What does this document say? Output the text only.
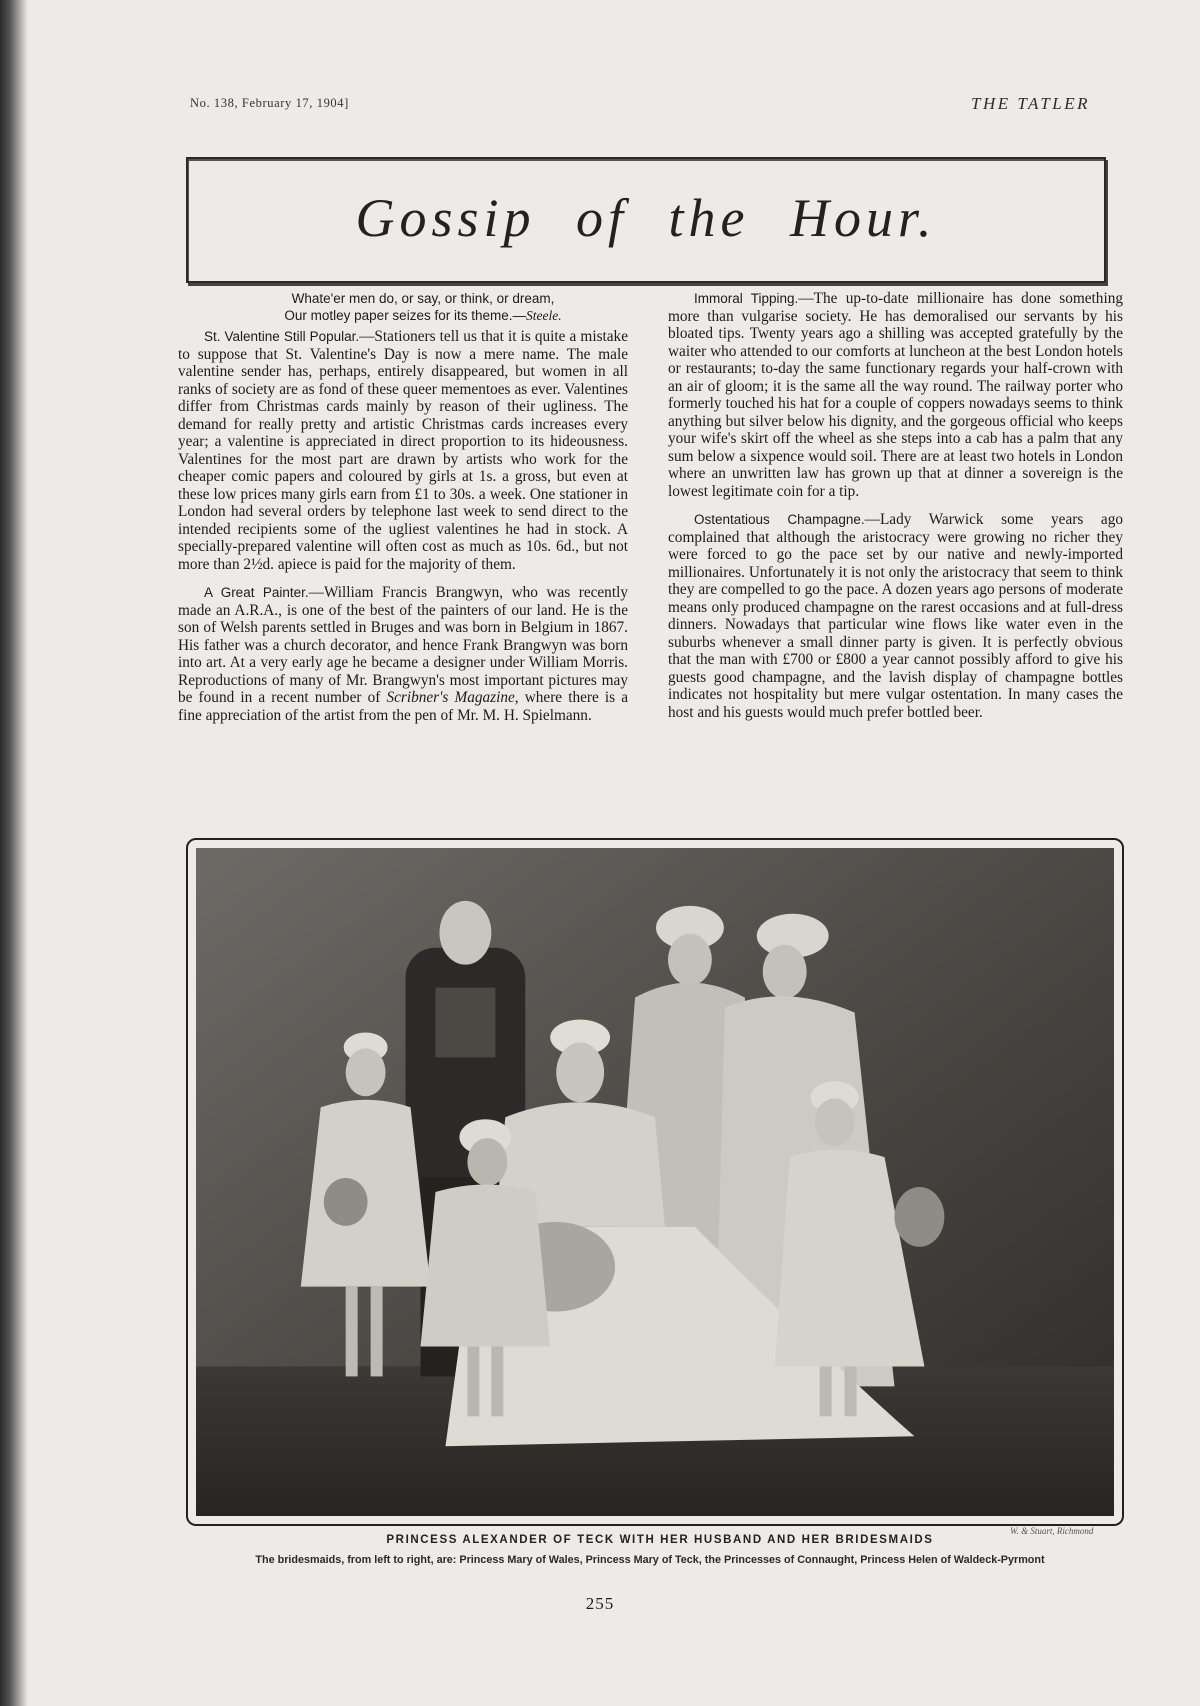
No. 138, February 17, 1904]	THE TATLER
Gossip of the Hour.
Whate'er men do, or say, or think, or dream,
Our motley paper seizes for its theme.—Steele.

St. Valentine Still Popular.—Stationers tell us that it is quite a mistake to suppose that St. Valentine's Day is now a mere name. The male valentine sender has, perhaps, entirely disappeared, but women in all ranks of society are as fond of these queer mementoes as ever. Valentines differ from Christmas cards mainly by reason of their ugliness. The demand for really pretty and artistic Christmas cards increases every year; a valentine is appreciated in direct proportion to its hideousness. Valentines for the most part are drawn by artists who work for the cheaper comic papers and coloured by girls at 1s. a gross, but even at these low prices many girls earn from £1 to 30s. a week. One stationer in London had several orders by telephone last week to send direct to the intended recipients some of the ugliest valentines he had in stock. A specially-prepared valentine will often cost as much as 10s. 6d., but not more than 2½d. apiece is paid for the majority of them.

A Great Painter.—William Francis Brangwyn, who was recently made an A.R.A., is one of the best of the painters of our land. He is the son of Welsh parents settled in Bruges and was born in Belgium in 1867. His father was a church decorator, and hence Frank Brangwyn was born into art. At a very early age he became a designer under William Morris. Reproductions of many of Mr. Brangwyn's most important pictures may be found in a recent number of Scribner's Magazine, where there is a fine appreciation of the artist from the pen of Mr. M. H. Spielmann.

Immoral Tipping.—The up-to-date millionaire has done something more than vulgarise society. He has demoralised our servants by his bloated tips. Twenty years ago a shilling was accepted gratefully by the waiter who attended to our comforts at luncheon at the best London hotels or restaurants; to-day the same functionary regards your half-crown with an air of gloom; it is the same all the way round. The railway porter who formerly touched his hat for a couple of coppers nowadays seems to think anything but silver below his dignity, and the gorgeous official who keeps your wife's skirt off the wheel as she steps into a cab has a palm that any sum below a sixpence would soil. There are at least two hotels in London where an unwritten law has grown up that at dinner a sovereign is the lowest legitimate coin for a tip.

Ostentatious Champagne.—Lady Warwick some years ago complained that although the aristocracy were growing no richer they were forced to go the pace set by our native and newly-imported millionaires. Unfortunately it is not only the aristocracy that seem to think they are compelled to go the pace. A dozen years ago persons of moderate means only produced champagne on the rarest occasions and at full-dress dinners. Nowadays that particular wine flows like water even in the suburbs whenever a small dinner party is given. It is perfectly obvious that the man with £700 or £800 a year cannot possibly afford to give his guests good champagne, and the lavish display of champagne bottles indicates not hospitality but mere vulgar ostentation. In many cases the host and his guests would much prefer bottled beer.

W. & Stuart, Richmond
PRINCESS ALEXANDER OF TECK WITH HER HUSBAND AND HER BRIDESMAIDS
The bridesmaids, from left to right, are: Princess Mary of Wales, Princess Mary of Teck, the Princesses of Connaught, Princess Helen of Waldeck-Pyrmont
255
